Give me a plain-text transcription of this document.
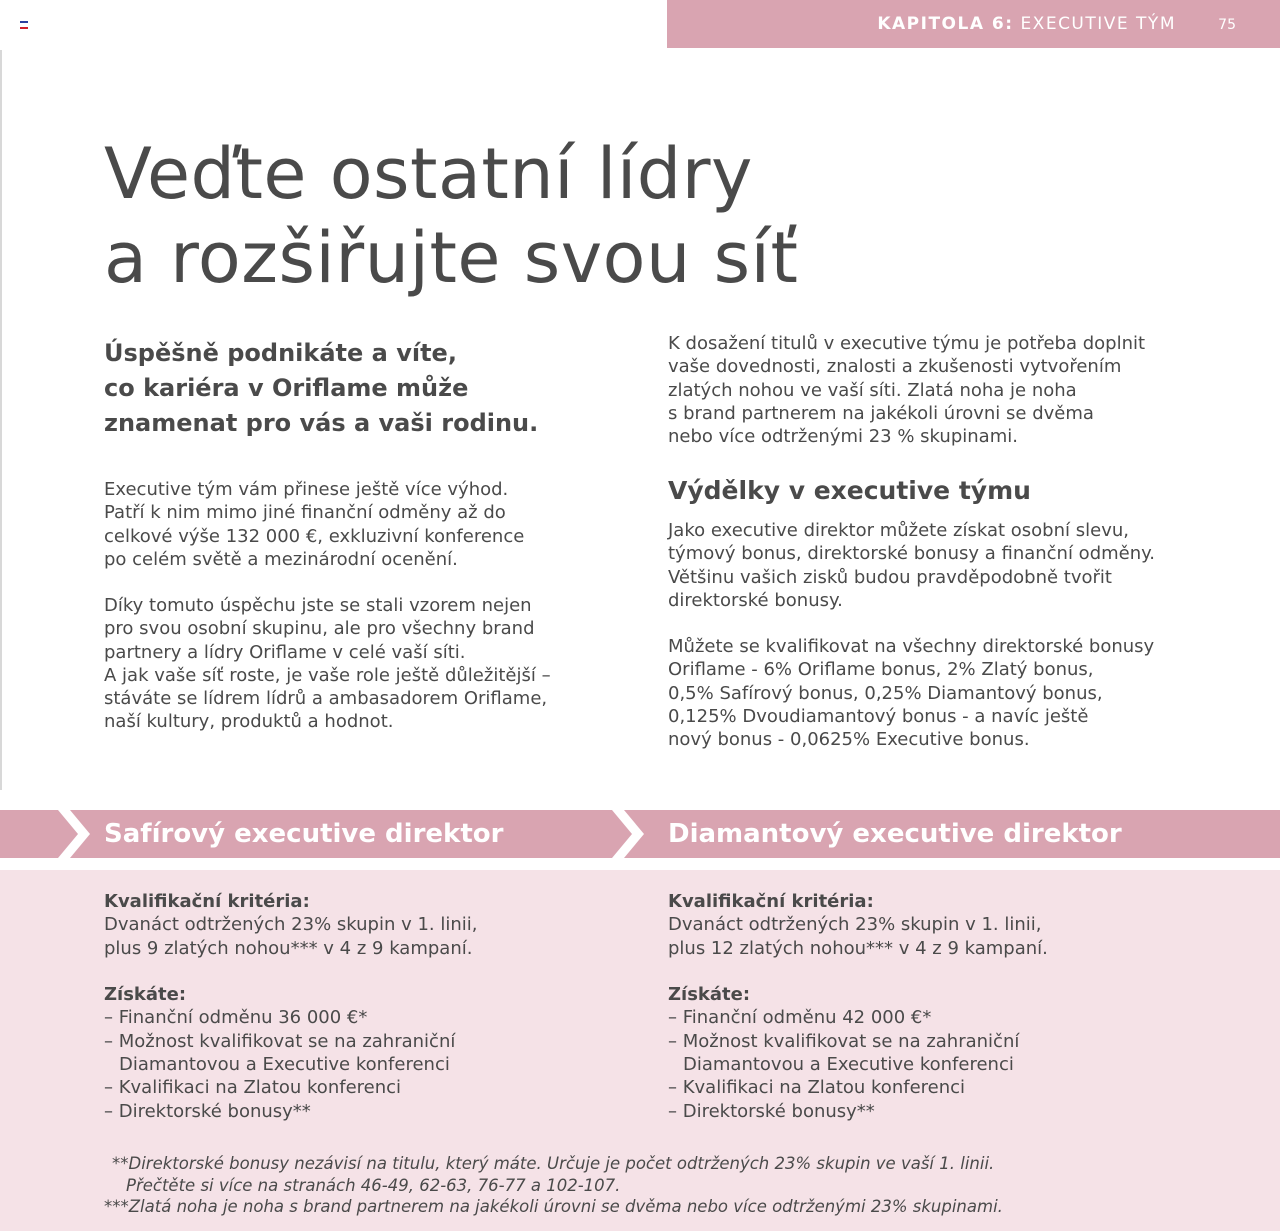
KAPITOLA 6: EXECUTIVE TÝM	75
Veďte ostatní lídry
a rozšiřujte svou síť
Úspěšně podnikáte a víte,
co kariéra v Oriflame může
znamenat pro vás a vaši rodinu.
Executive tým vám přinese ještě více výhod.
Patří k nim mimo jiné finanční odměny až do
celkové výše 132 000 €, exkluzivní konference
po celém světě a mezinárodní ocenění.
Díky tomuto úspěchu jste se stali vzorem nejen
pro svou osobní skupinu, ale pro všechny brand
partnery a lídry Oriflame v celé vaší síti.
A jak vaše síť roste, je vaše role ještě důležitější –
stáváte se lídrem lídrů a ambasadorem Oriflame,
naší kultury, produktů a hodnot.
K dosažení titulů v executive týmu je potřeba doplnit
vaše dovednosti, znalosti a zkušenosti vytvořením
zlatých nohou ve vaší síti. Zlatá noha je noha
s brand partnerem na jakékoli úrovni se dvěma
nebo více odtrženými 23 % skupinami.
Výdělky v executive týmu
Jako executive direktor můžete získat osobní slevu,
týmový bonus, direktorské bonusy a finanční odměny.
Většinu vašich zisků budou pravděpodobně tvořit
direktorské bonusy.
Můžete se kvalifikovat na všechny direktorské bonusy
Oriflame - 6% Oriflame bonus, 2% Zlatý bonus,
0,5% Safírový bonus, 0,25% Diamantový bonus,
0,125% Dvoudiamantový bonus - a navíc ještě
nový bonus - 0,0625% Executive bonus.
Safírový executive direktor	Diamantový executive direktor
Kvalifikační kritéria:
Dvanáct odtržených 23% skupin v 1. linii,
plus 9 zlatých nohou*** v 4 z 9 kampaní.
Získáte:
– Finanční odměnu 36 000 €*
– Možnost kvalifikovat se na zahraniční
Diamantovou a Executive konferenci
– Kvalifikaci na Zlatou konferenci
– Direktorské bonusy**
Kvalifikační kritéria:
Dvanáct odtržených 23% skupin v 1. linii,
plus 12 zlatých nohou*** v 4 z 9 kampaní.
Získáte:
– Finanční odměnu 42 000 €*
– Možnost kvalifikovat se na zahraniční
Diamantovou a Executive konferenci
– Kvalifikaci na Zlatou konferenci
– Direktorské bonusy**
**Direktorské bonusy nezávisí na titulu, který máte. Určuje je počet odtržených 23% skupin ve vaší 1. linii.
Přečtěte si více na stranách 46-49, 62-63, 76-77 a 102-107.
***Zlatá noha je noha s brand partnerem na jakékoli úrovni se dvěma nebo více odtrženými 23% skupinami.
